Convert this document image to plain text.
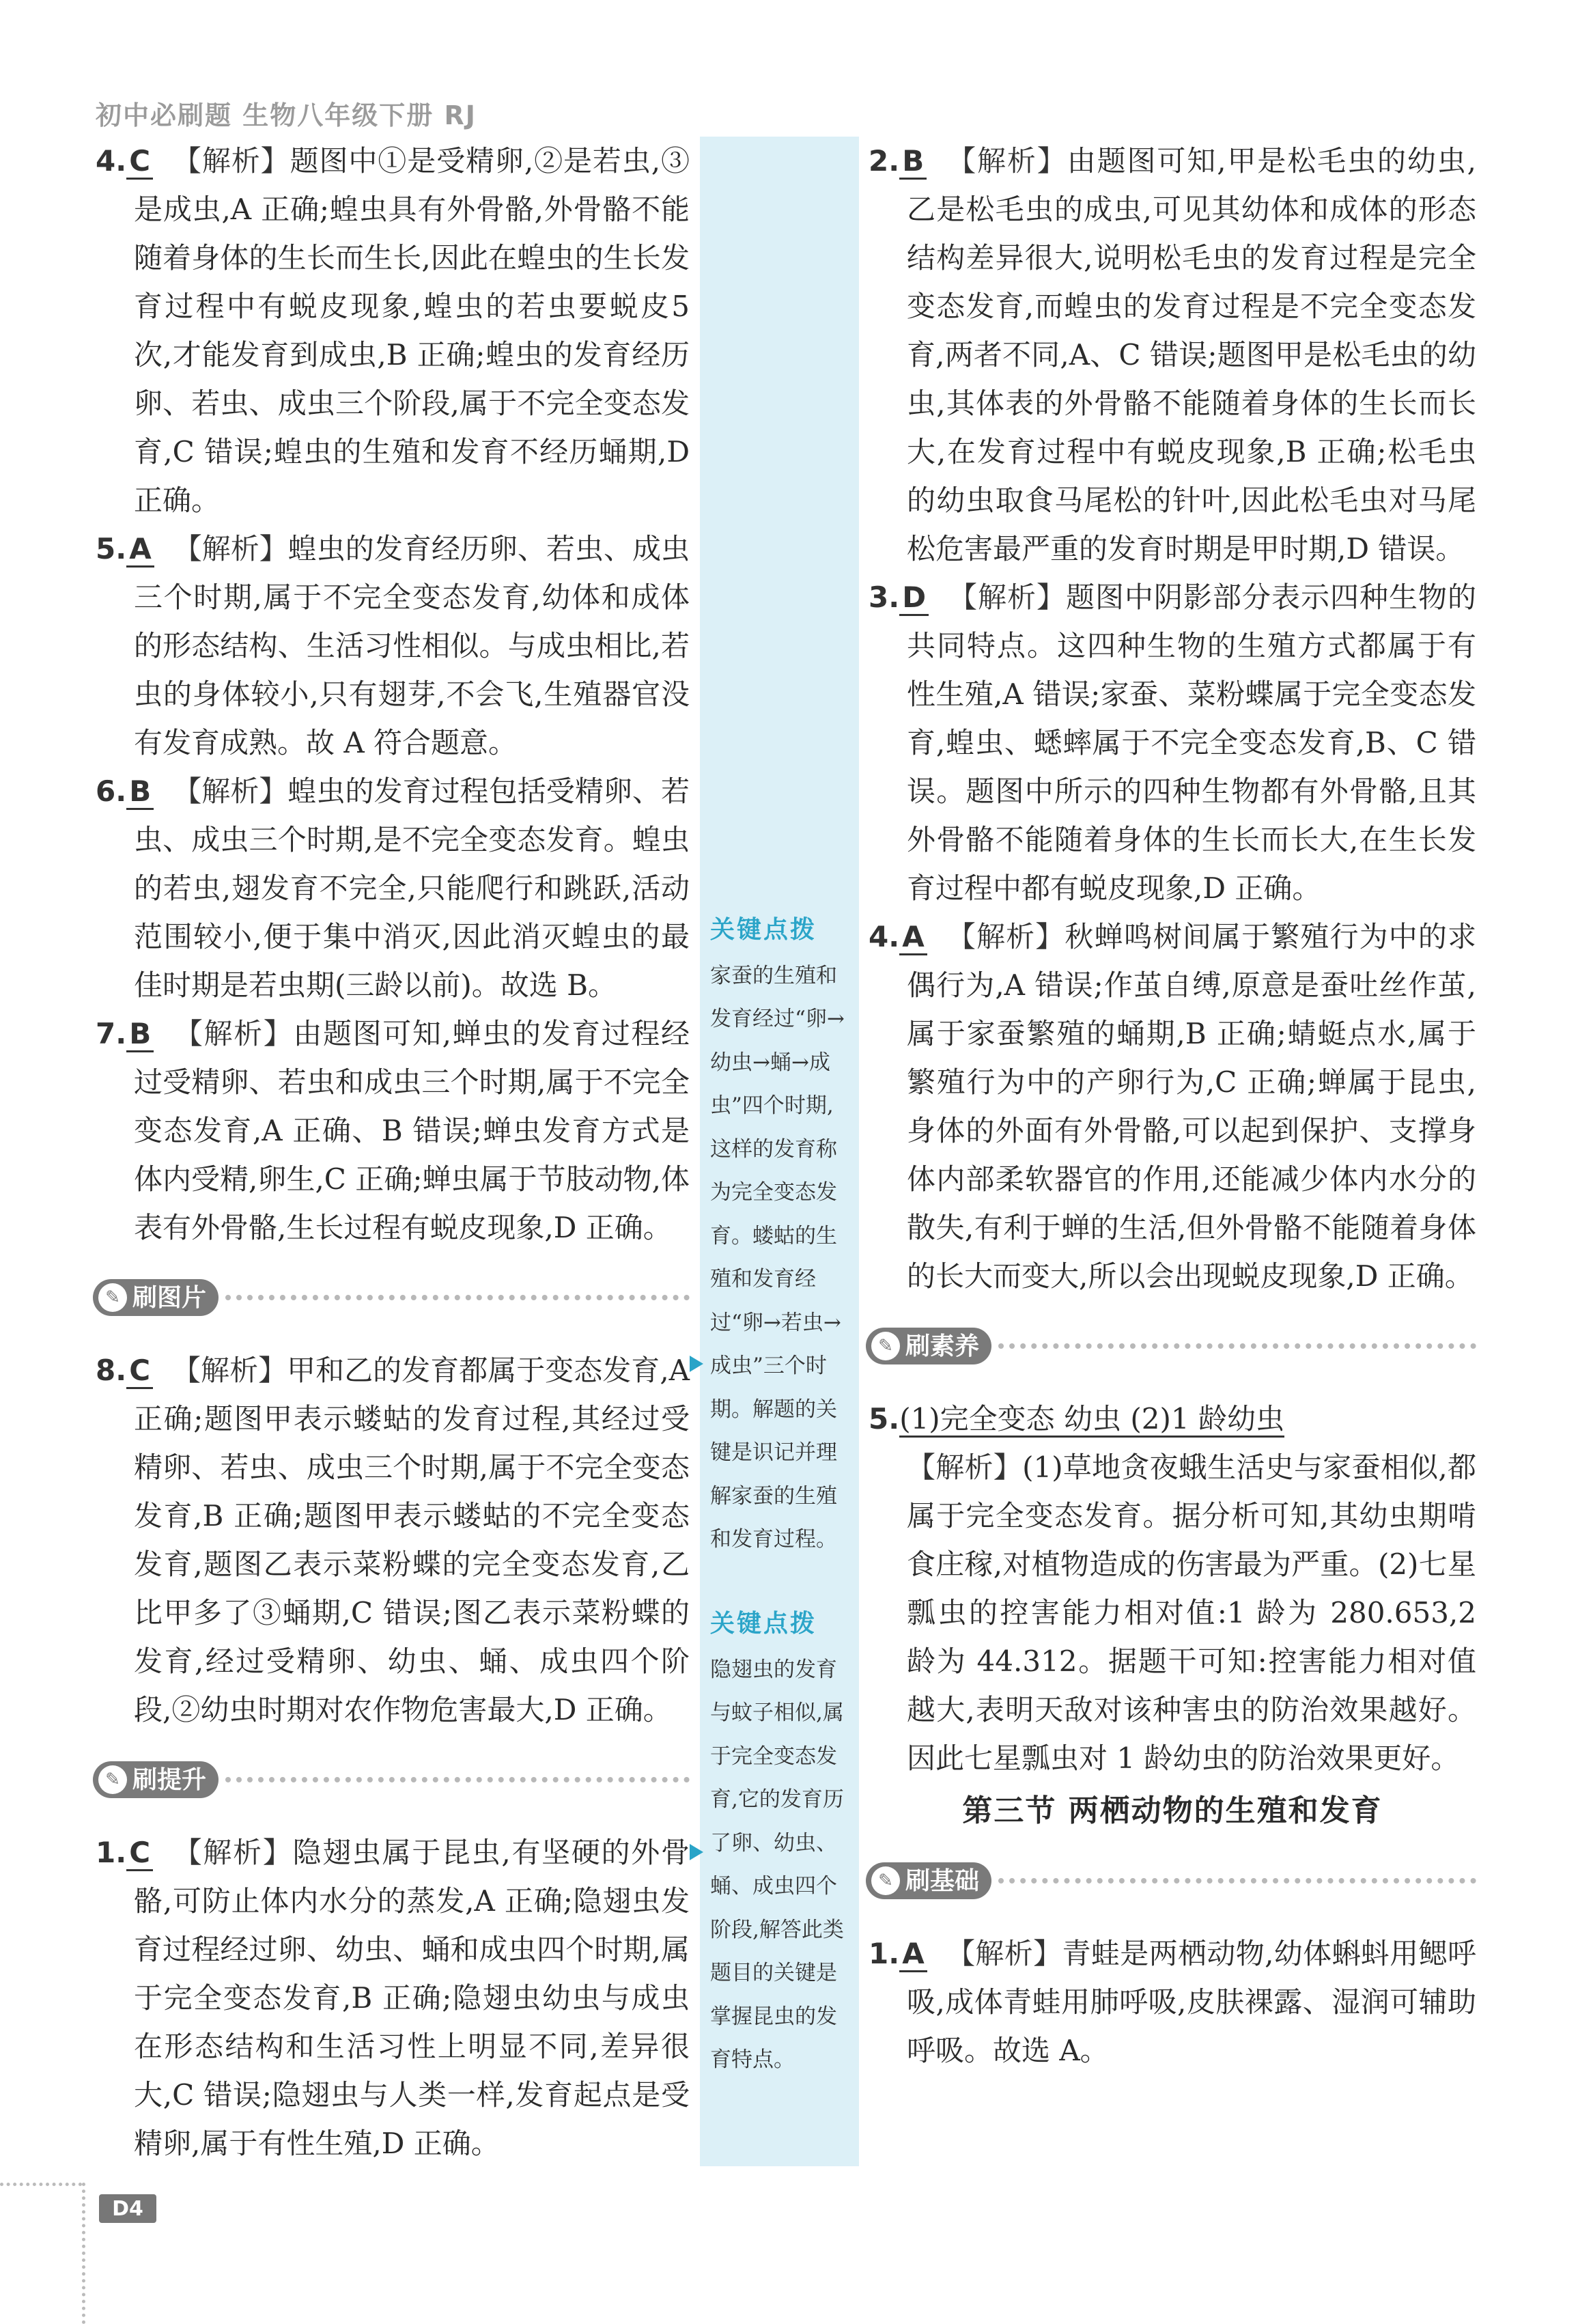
初中必刷题 生物八年级下册 RJ

4.C 【解析】题图中①是受精卵,②是若虫,③是成虫,A 正确;蝗虫具有外骨骼,外骨骼不能随着身体的生长而生长,因此在蝗虫的生长发育过程中有蜕皮现象,蝗虫的若虫要蜕皮5 次,才能发育到成虫,B 正确;蝗虫的发育经历卵、若虫、成虫三个阶段,属于不完全变态发育,C 错误;蝗虫的生殖和发育不经历蛹期,D 正确。

5.A 【解析】蝗虫的发育经历卵、若虫、成虫三个时期,属于不完全变态发育,幼体和成体的形态结构、生活习性相似。与成虫相比,若虫的身体较小,只有翅芽,不会飞,生殖器官没有发育成熟。故 A 符合题意。

6.B 【解析】蝗虫的发育过程包括受精卵、若虫、成虫三个时期,是不完全变态发育。蝗虫的若虫,翅发育不完全,只能爬行和跳跃,活动范围较小,便于集中消灭,因此消灭蝗虫的最佳时期是若虫期(三龄以前)。故选 B。

7.B 【解析】由题图可知,蝉虫的发育过程经过受精卵、若虫和成虫三个时期,属于不完全变态发育,A 正确、B 错误;蝉虫发育方式是体内受精,卵生,C 正确;蝉虫属于节肢动物,体表有外骨骼,生长过程有蜕皮现象,D 正确。

✎ 刷图片

8.C 【解析】甲和乙的发育都属于变态发育,A 正确;题图甲表示蝼蛄的发育过程,其经过受精卵、若虫、成虫三个时期,属于不完全变态发育,B 正确;题图甲表示蝼蛄的不完全变态发育,题图乙表示菜粉蝶的完全变态发育,乙比甲多了③蛹期,C 错误;图乙表示菜粉蝶的发育,经过受精卵、幼虫、蛹、成虫四个阶段,②幼虫时期对农作物危害最大,D 正确。

✎ 刷提升

1.C 【解析】隐翅虫属于昆虫,有坚硬的外骨骼,可防止体内水分的蒸发,A 正确;隐翅虫发育过程经过卵、幼虫、蛹和成虫四个时期,属于完全变态发育,B 正确;隐翅虫幼虫与成虫在形态结构和生活习性上明显不同,差异很大,C 错误;隐翅虫与人类一样,发育起点是受精卵,属于有性生殖,D 正确。

关键点拨
家蚕的生殖和发育经过“卵→幼虫→蛹→成虫”四个时期,这样的发育称为完全变态发育。蝼蛄的生殖和发育经过“卵→若虫→成虫”三个时期。解题的关键是识记并理解家蚕的生殖和发育过程。
关键点拨
隐翅虫的发育与蚊子相似,属于完全变态发育,它的发育历了卵、幼虫、蛹、成虫四个阶段,解答此类题目的关键是掌握昆虫的发育特点。

2.B 【解析】由题图可知,甲是松毛虫的幼虫,乙是松毛虫的成虫,可见其幼体和成体的形态结构差异很大,说明松毛虫的发育过程是完全变态发育,而蝗虫的发育过程是不完全变态发育,两者不同,A、C 错误;题图甲是松毛虫的幼虫,其体表的外骨骼不能随着身体的生长而长大,在发育过程中有蜕皮现象,B 正确;松毛虫的幼虫取食马尾松的针叶,因此松毛虫对马尾松危害最严重的发育时期是甲时期,D 错误。

3.D 【解析】题图中阴影部分表示四种生物的共同特点。这四种生物的生殖方式都属于有性生殖,A 错误;家蚕、菜粉蝶属于完全变态发育,蝗虫、蟋蟀属于不完全变态发育,B、C 错误。题图中所示的四种生物都有外骨骼,且其外骨骼不能随着身体的生长而长大,在生长发育过程中都有蜕皮现象,D 正确。

4.A 【解析】秋蝉鸣树间属于繁殖行为中的求偶行为,A 错误;作茧自缚,原意是蚕吐丝作茧,属于家蚕繁殖的蛹期,B 正确;蜻蜓点水,属于繁殖行为中的产卵行为,C 正确;蝉属于昆虫,身体的外面有外骨骼,可以起到保护、支撑身体内部柔软器官的作用,还能减少体内水分的散失,有利于蝉的生活,但外骨骼不能随着身体的长大而变大,所以会出现蜕皮现象,D 正确。

✎ 刷素养

5.(1)完全变态 幼虫 (2)1 龄幼虫
【解析】(1)草地贪夜蛾生活史与家蚕相似,都属于完全变态发育。据分析可知,其幼虫期啃食庄稼,对植物造成的伤害最为严重。(2)七星瓢虫的控害能力相对值:1 龄为 280.653,2 龄为 44.312。据题干可知:控害能力相对值越大,表明天敌对该种害虫的防治效果越好。因此七星瓢虫对 1 龄幼虫的防治效果更好。

第三节 两栖动物的生殖和发育
✎ 刷基础

1.A 【解析】青蛙是两栖动物,幼体蝌蚪用鳃呼吸,成体青蛙用肺呼吸,皮肤裸露、湿润可辅助呼吸。故选 A。

D4
